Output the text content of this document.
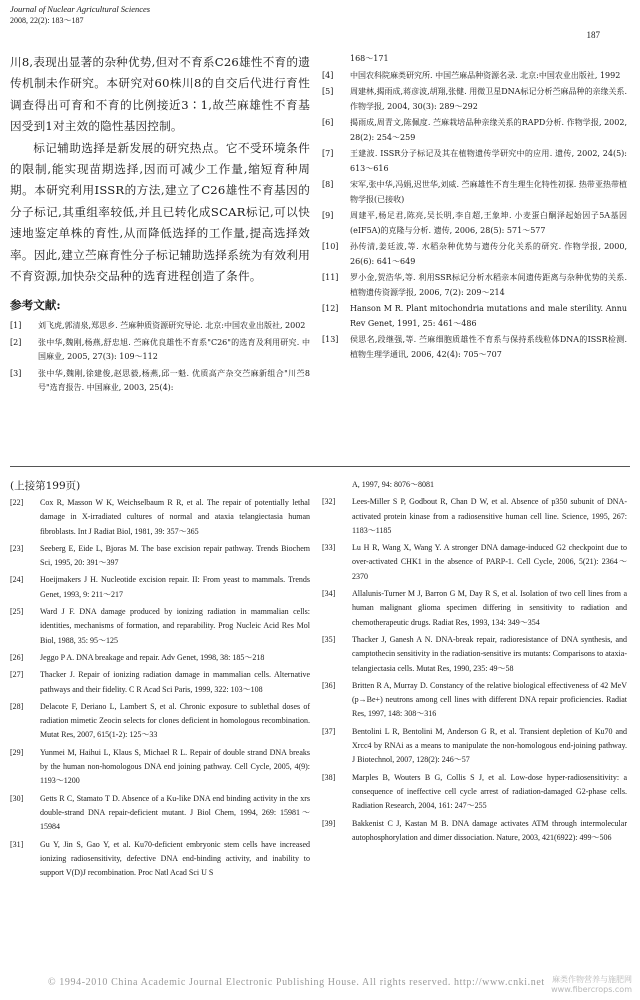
Journal of Nuclear Agricultural Sciences
2008, 22(2): 183～187
187

川8,表现出显著的杂种优势,但对不育系C26雄性不育的遗传机制未作研究。本研究对60株川8的自交后代进行育性调查得出可育和不育的比例接近3∶1,故苎麻雄性不育基因受到1对主效的隐性基因控制。

标记辅助选择是新发展的研究热点。它不受环境条件的限制,能实现苗期选择,因而可减少工作量,缩短育种周期。本研究利用ISSR的方法,建立了C26雄性不育基因的分子标记,其重组率较低,并且已转化成SCAR标记,可以快速地鉴定单株的育性,从而降低选择的工作量,提高选择效率。因此,建立苎麻育性分子标记辅助选择系统为有效利用不育资源,加快杂交品种的选育进程创造了条件。

参考文献:
[1]	刘飞虎,郭清泉,郑思乡. 苎麻种质资源研究导论. 北京:中国农业出版社, 2002
[2]	张中华,魏刚,杨燕,舒忠旭. 苎麻优良雄性不育系"C26"的选育及利用研究. 中国麻业, 2005, 27(3): 109～112
[3]	张中华,魏刚,徐建俊,赵思毅,杨燕,邱一魁. 优质高产杂交苎麻新组合"川苎8号"选育报告. 中国麻业, 2003, 25(4):
168～171
[4]	中国农科院麻类研究所. 中国苎麻品种资源名录. 北京:中国农业出版社, 1992
[5]	周建林,揭雨成,蒋彦波,胡翔,张健. 用微卫星DNA标记分析苎麻品种的亲缘关系. 作物学报, 2004, 30(3): 289～292
[6]	揭雨成,周青文,陈佩度. 苎麻栽培品种亲缘关系的RAPD分析. 作物学报, 2002, 28(2): 254～259
[7]	王建波. ISSR分子标记及其在植物遗传学研究中的应用. 遗传, 2002, 24(5): 613～616
[8]	宋军,张中华,冯娟,迟世华,刘威. 苎麻雄性不育生理生化特性初探. 热带亚热带植物学报(已接收)
[9]	周建平,杨足君,陈亮,吴长明,李自超,王象坤. 小麦蛋白酮泽起始因子5A基因(eIF5A)的克隆与分析. 遗传, 2006, 28(5): 571～577
[10]	孙传清,姜廷波,等. 水稻杂种优势与遗传分化关系的研究. 作物学报, 2000, 26(6): 641～649
[11]	罗小金,贺浩华,等. 利用SSR标记分析水稻亲本间遗传距离与杂种优势的关系. 植物遗传资源学报, 2006, 7(2): 209～214
[12]	Hanson M R. Plant mitochondria mutations and male sterility. Annu Rev Genet, 1991, 25: 461～486
[13]	侯思名,段继强,等. 苎麻细胞质雄性不育系与保持系线粒体DNA的ISSR检测. 植物生理学通讯, 2006, 42(4): 705～707
(上接第199页)
[22]	Cox R, Masson W K, Weichselbaum R R, et al. The repair of potentially lethal damage in X-irradiated cultures of normal and ataxia telangiectasia human fibroblasts. Int J Radiat Biol, 1981, 39: 357～365
[23]	Seeberg E, Eide L, Bjoras M. The base excision repair pathway. Trends Biochem Sci, 1995, 20: 391～397
[24]	Hoeijmakers J H. Nucleotide excision repair. II: From yeast to mammals. Trends Genet, 1993, 9: 211～217
[25]	Ward J F. DNA damage produced by ionizing radiation in mammalian cells: identities, mechanisms of formation, and reparability. Prog Nucleic Acid Res Mol Biol, 1988, 35: 95～125
[26]	Jeggo P A. DNA breakage and repair. Adv Genet, 1998, 38: 185～218
[27]	Thacker J. Repair of ionizing radiation damage in mammalian cells. Alternative pathways and their fidelity. C R Acad Sci Paris, 1999, 322: 103～108
[28]	Delacote F, Deriano L, Lambert S, et al. Chronic exposure to sublethal doses of radiation mimetic Zeocin selects for clones deficient in homologous recombination. Mutat Res, 2007, 615(1-2): 125～33
[29]	Yunmei M, Haihui L, Klaus S, Michael R L. Repair of double strand DNA breaks by the human non-homologous DNA end joining pathway. Cell Cycle, 2005, 4(9): 1193～1200
[30]	Getts R C, Stamato T D. Absence of a Ku-like DNA end binding activity in the xrs double-strand DNA repair-deficient mutant. J Biol Chem, 1994, 269: 15981～15984
[31]	Gu Y, Jin S, Gao Y, et al. Ku70-deficient embryonic stem cells have increased ionizing radiosensitivity, defective DNA end-binding activity, and inability to support V(D)J recombination. Proc Natl Acad Sci U S
A, 1997, 94: 8076～8081
[32]	Lees-Miller S P, Godbout R, Chan D W, et al. Absence of p350 subunit of DNA-activated protein kinase from a radiosensitive human cell line. Science, 1995, 267: 1183～1185
[33]	Lu H R, Wang X, Wang Y. A stronger DNA damage-induced G2 checkpoint due to over-activated CHK1 in the absence of PARP-1. Cell Cycle, 2006, 5(21): 2364～2370
[34]	Allalunis-Turner M J, Barron G M, Day R S, et al. Isolation of two cell lines from a human malignant glioma specimen differing in sensitivity to radiation and chemotherapeutic drugs. Radiat Res, 1993, 134: 349～354
[35]	Thacker J, Ganesh A N. DNA-break repair, radioresistance of DNA synthesis, and camptothecin sensitivity in the radiation-sensitive irs mutants: Comparisons to ataxia-telangiectasia cells. Mutat Res, 1990, 235: 49～58
[36]	Britten R A, Murray D. Constancy of the relative biological effectiveness of 42 MeV (p→Be+) neutrons among cell lines with different DNA repair proficiencies. Radiat Res, 1997, 148: 308～316
[37]	Bentolini L R, Bentolini M, Anderson G R, et al. Transient depletion of Ku70 and Xrcc4 by RNAi as a means to manipulate the non-homologous end-joining pathway. J Biotechnol, 2007, 128(2): 246～57
[38]	Marples B, Wouters B G, Collis S J, et al. Low-dose hyper-radiosensitivity: a consequence of ineffective cell cycle arrest of radiation-damaged G2-phase cells. Radiation Research, 2004, 161: 247～255
[39]	Bakkenist C J, Kastan M B. DNA damage activates ATM through intermolecular autophosphorylation and dimer dissociation. Nature, 2003, 421(6922): 499～506
© 1994-2010 China Academic Journal Electronic Publishing House. All rights reserved. http://www.cnki.net 麻类作物营养与施肥网
www.fibercrops.com
